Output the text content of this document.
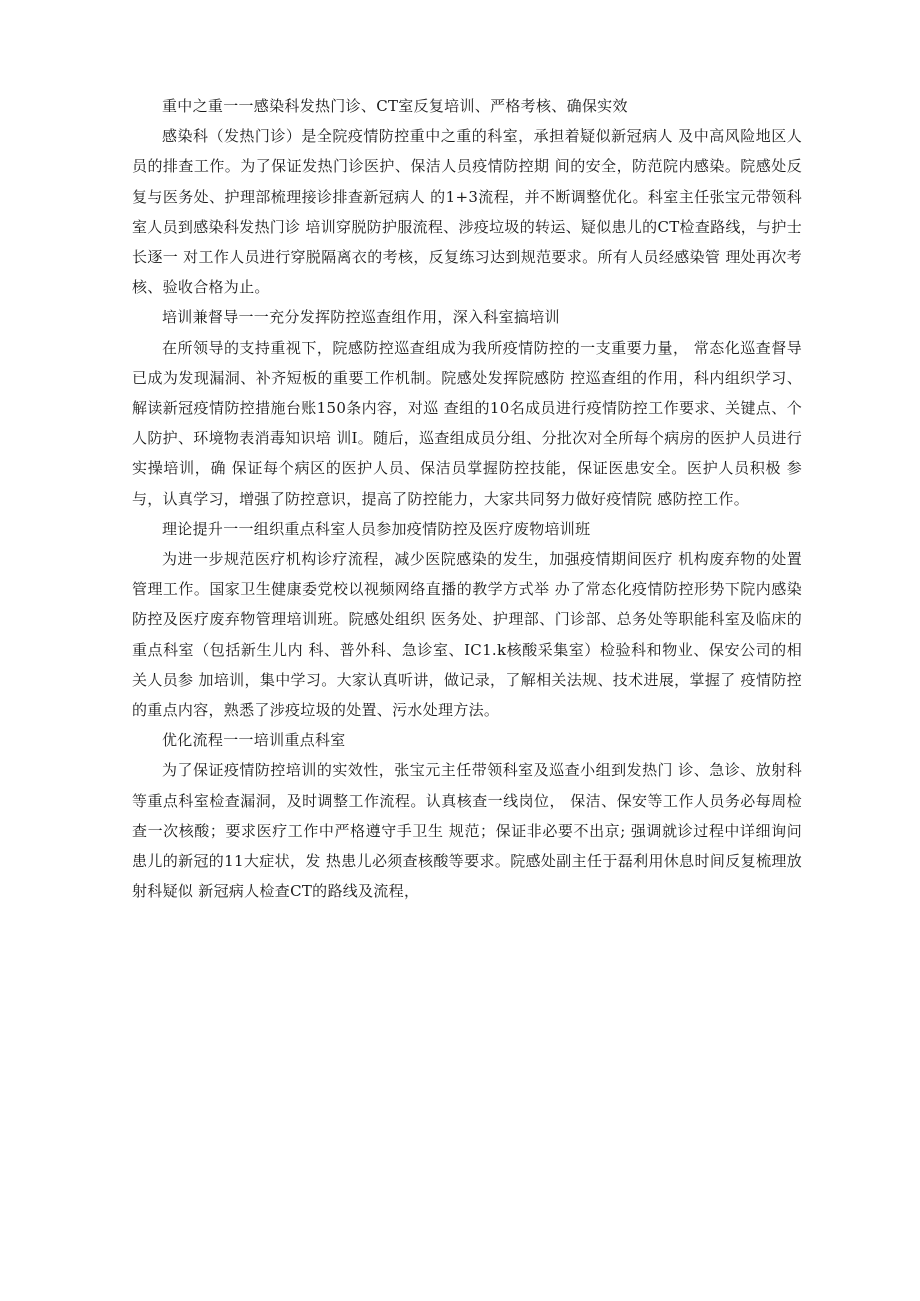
重中之重一一感染科发热门诊、CT室反复培训、严格考核、确保实效

感染科（发热门诊）是全院疫情防控重中之重的科室，承担着疑似新冠病人 及中高风险地区人员的排查工作。为了保证发热门诊医护、保洁人员疫情防控期 间的安全，防范院内感染。院感处反复与医务处、护理部梳理接诊排查新冠病人 的1+3流程，并不断调整优化。科室主任张宝元带领科室人员到感染科发热门诊 培训穿脱防护服流程、涉疫垃圾的转运、疑似患儿的CT检查路线，与护士长逐一 对工作人员进行穿脱隔离衣的考核，反复练习达到规范要求。所有人员经感染管 理处再次考核、验收合格为止。

培训兼督导一一充分发挥防控巡查组作用，深入科室搞培训

在所领导的支持重视下，院感防控巡查组成为我所疫情防控的一支重要力量， 常态化巡查督导已成为发现漏洞、补齐短板的重要工作机制。院感处发挥院感防 控巡查组的作用，科内组织学习、解读新冠疫情防控措施台账150条内容，对巡 查组的10名成员进行疫情防控工作要求、关键点、个人防护、环境物表消毒知识培 训I。随后，巡查组成员分组、分批次对全所每个病房的医护人员进行实操培训，确 保证每个病区的医护人员、保洁员掌握防控技能，保证医患安全。医护人员积极 参与，认真学习，增强了防控意识，提高了防控能力，大家共同努力做好疫情院 感防控工作。

理论提升一一组织重点科室人员参加疫情防控及医疗废物培训班

为进一步规范医疗机构诊疗流程，减少医院感染的发生，加强疫情期间医疗 机构废弃物的处置管理工作。国家卫生健康委党校以视频网络直播的教学方式举 办了常态化疫情防控形势下院内感染防控及医疗废弃物管理培训班。院感处组织 医务处、护理部、门诊部、总务处等职能科室及临床的重点科室（包括新生儿内 科、普外科、急诊室、IC1.k核酸采集室）检验科和物业、保安公司的相关人员参 加培训，集中学习。大家认真听讲，做记录，了解相关法规、技术进展，掌握了 疫情防控的重点内容，熟悉了涉疫垃圾的处置、污水处理方法。

优化流程一一培训重点科室

为了保证疫情防控培训的实效性，张宝元主任带领科室及巡查小组到发热门 诊、急诊、放射科等重点科室检查漏洞，及时调整工作流程。认真核查一线岗位， 保洁、保安等工作人员务必每周检查一次核酸；要求医疗工作中严格遵守手卫生 规范；保证非必要不出京; 强调就诊过程中详细询问患儿的新冠的11大症状，发 热患儿必须查核酸等要求。院感处副主任于磊利用休息时间反复梳理放射科疑似 新冠病人检查CT的路线及流程，
